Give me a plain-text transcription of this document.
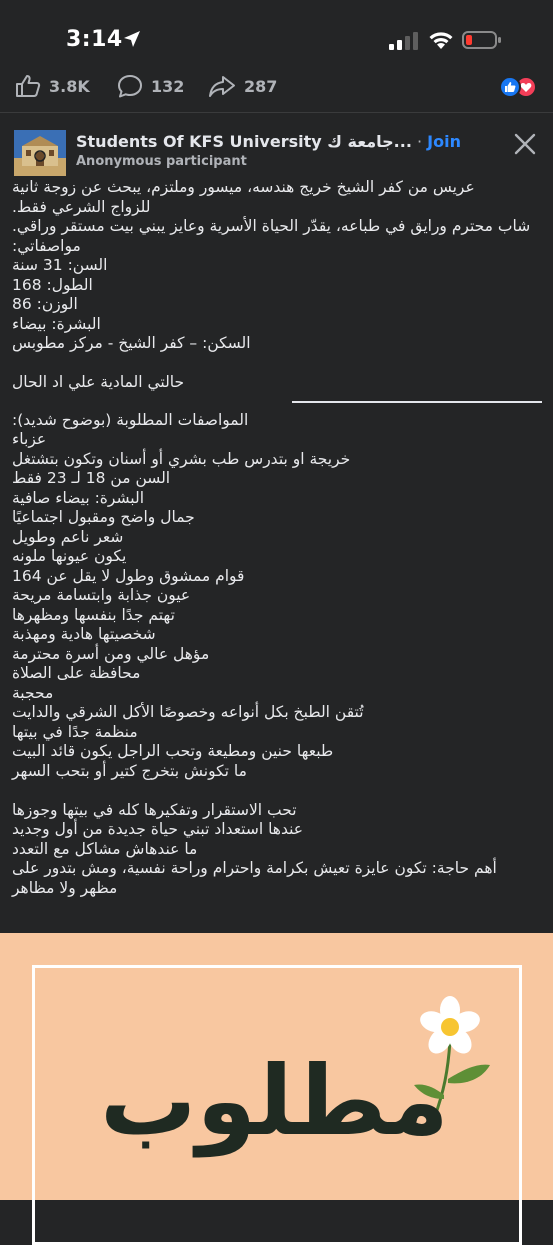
3:14
3.8K	132	287
Students Of KFS University جامعة ك... · Join
Anonymous participant
عريس من كفر الشيخ خريج هندسه، ميسور وملتزم، يبحث عن زوجة ثانية
للزواج الشرعي فقط.
شاب محترم ورايق في طباعه، يقدّر الحياة الأسرية وعايز يبني بيت مستقر وراقي.
مواصفاتي:
السن: 31 سنة
الطول: 168
الوزن: 86
البشرة: بيضاء
السكن: – كفر الشيخ - مركز مطوبس
حالتي المادية علي اد الحال
المواصفات المطلوبة (بوضوح شديد):
عزباء
خريجة او بتدرس طب بشري أو أسنان وتكون بتشتغل
السن من 18 لـ 23 فقط
البشرة: بيضاء صافية
جمال واضح ومقبول اجتماعيًا
شعر ناعم وطويل
يكون عيونها ملونه
قوام ممشوق وطول لا يقل عن 164
عيون جذابة وابتسامة مريحة
تهتم جدًا بنفسها ومظهرها
شخصيتها هادية ومهذبة
مؤهل عالي ومن أسرة محترمة
محافظة على الصلاة
محجبة
تُتقن الطبخ بكل أنواعه وخصوصًا الأكل الشرقي والدايت
منظمة جدًا في بيتها
طبعها حنين ومطيعة وتحب الراجل يكون قائد البيت
ما تكونش بتخرج كتير أو بتحب السهر
تحب الاستقرار وتفكيرها كله في بيتها وجوزها
عندها استعداد تبني حياة جديدة من أول وجديد
ما عندهاش مشاكل مع التعدد
أهم حاجة: تكون عايزة تعيش بكرامة واحترام وراحة نفسية، ومش بتدور على
مظهر ولا مظاهر
مطلوب
